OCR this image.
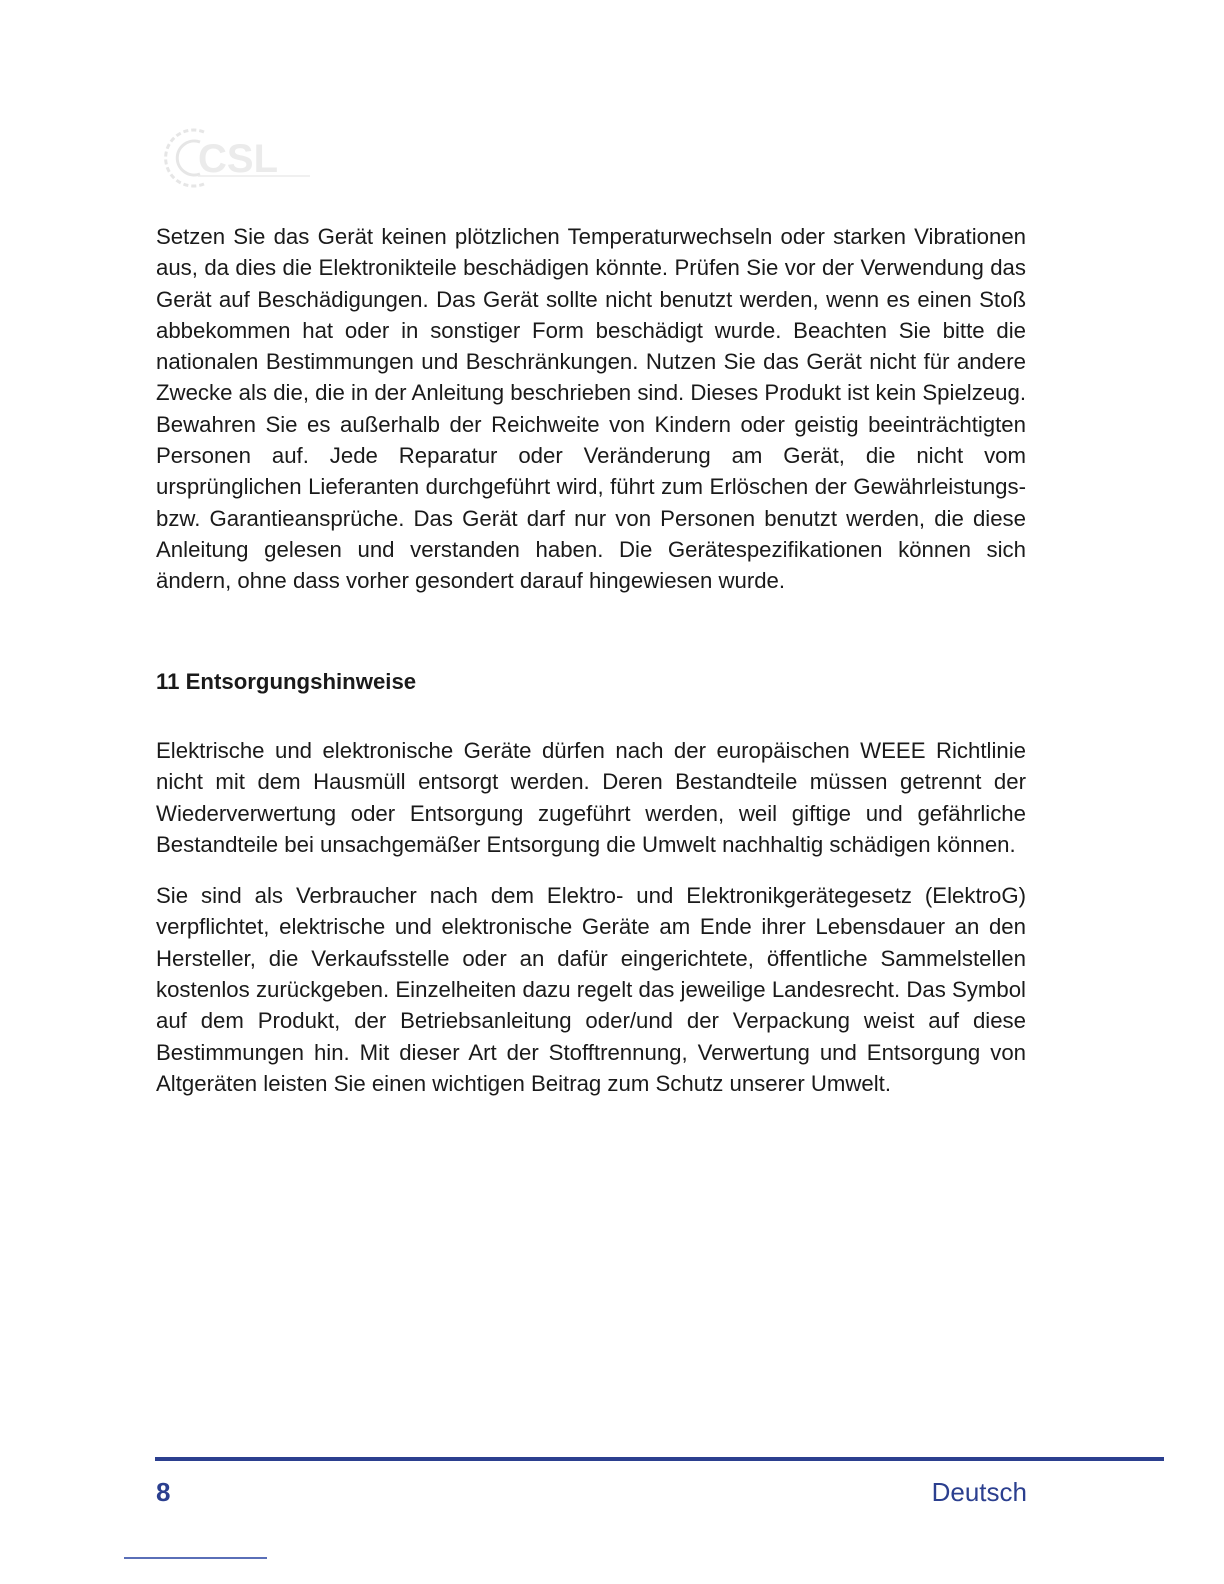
CSL

Setzen Sie das Gerät keinen plötzlichen Temperaturwechseln oder starken Vibrationen aus, da dies die Elektronikteile beschädigen könnte. Prüfen Sie vor der Verwendung das Gerät auf Beschädigungen. Das Gerät sollte nicht benutzt werden, wenn es einen Stoß abbekommen hat oder in sonstiger Form beschädigt wurde. Beachten Sie bitte die nationalen Bestimmungen und Beschränkungen. Nutzen Sie das Gerät nicht für andere Zwecke als die, die in der Anleitung beschrieben sind. Dieses Produkt ist kein Spielzeug. Bewahren Sie es außerhalb der Reichweite von Kindern oder geistig beeinträchtigten Personen auf. Jede Reparatur oder Veränderung am Gerät, die nicht vom ursprünglichen Lieferanten durchgeführt wird, führt zum Erlöschen der Gewährleistungs- bzw. Garantieansprüche. Das Gerät darf nur von Personen benutzt werden, die diese Anleitung gelesen und verstanden haben. Die Gerätespezifikationen können sich ändern, ohne dass vorher gesondert darauf hingewiesen wurde.

11 Entsorgungshinweise

Elektrische und elektronische Geräte dürfen nach der europäischen WEEE Richtlinie nicht mit dem Hausmüll entsorgt werden. Deren Bestandteile müssen getrennt der Wiederverwertung oder Entsorgung zugeführt werden, weil giftige und gefährliche Bestandteile bei unsachgemäßer Entsorgung die Umwelt nachhaltig schädigen können.

Sie sind als Verbraucher nach dem Elektro- und Elektronikgerätegesetz (ElektroG) verpflichtet, elektrische und elektronische Geräte am Ende ihrer Lebensdauer an den Hersteller, die Verkaufsstelle oder an dafür eingerichtete, öffentliche Sammelstellen kostenlos zurückgeben. Einzelheiten dazu regelt das jeweilige Landesrecht. Das Symbol auf dem Produkt, der Betriebsanleitung oder/und der Verpackung weist auf diese Bestimmungen hin. Mit dieser Art der Stofftrennung, Verwertung und Entsorgung von Altgeräten leisten Sie einen wichtigen Beitrag zum Schutz unserer Umwelt.

8	Deutsch
